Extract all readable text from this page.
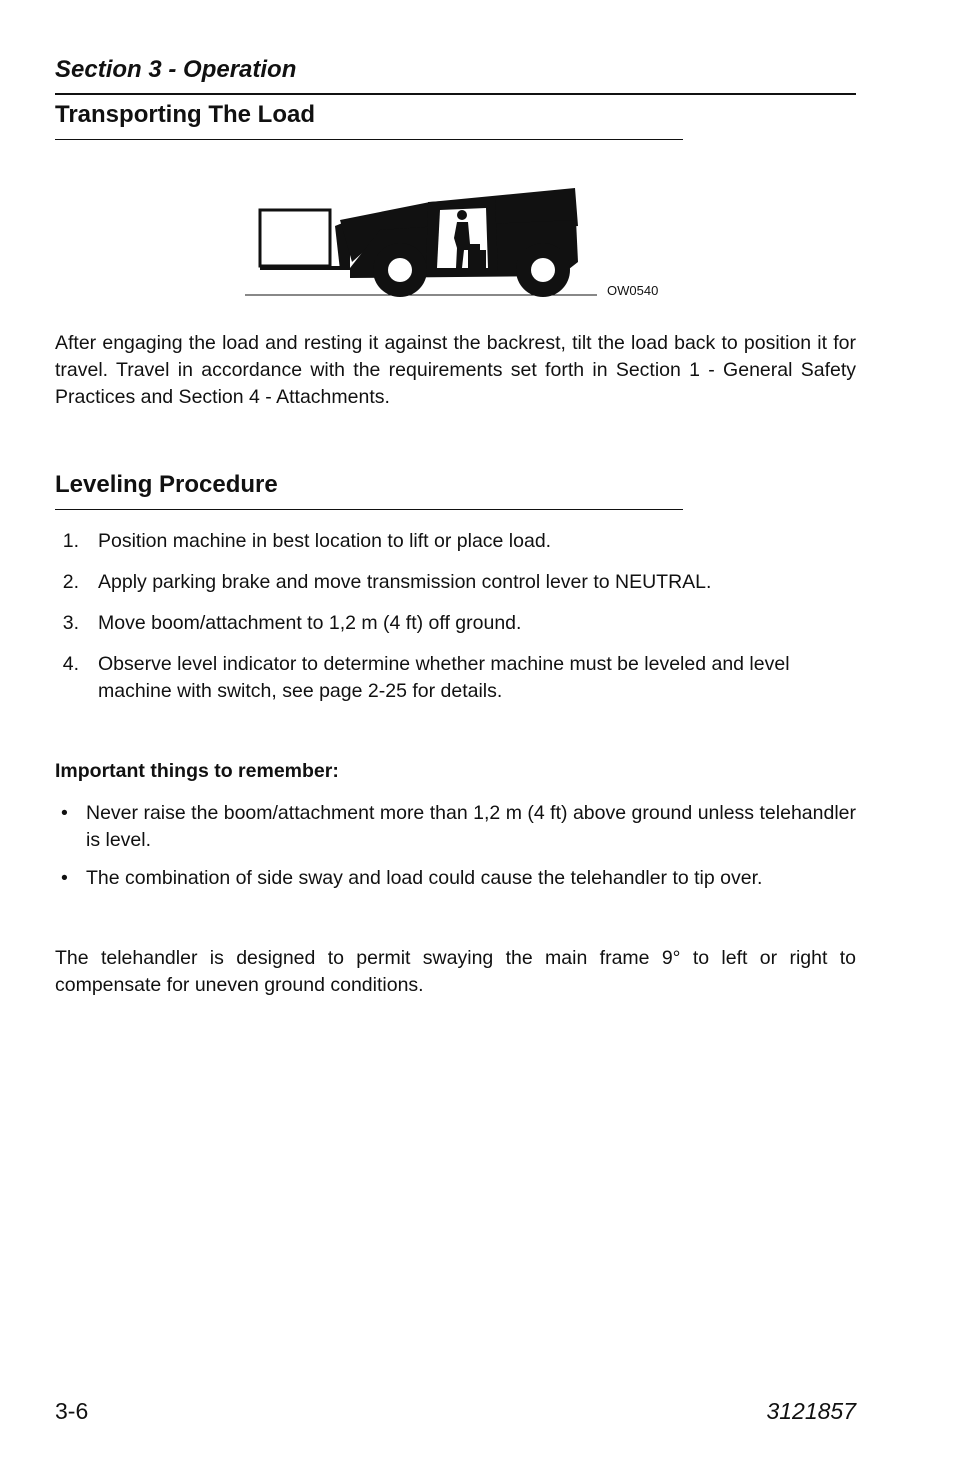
Section 3 - Operation
Transporting The Load
OW0540
After engaging the load and resting it against the backrest, tilt the load back to position it for travel. Travel in accordance with the requirements set forth in Section 1 - General Safety Practices and Section 4 - Attachments.
Leveling Procedure
1. Position machine in best location to lift or place load.
2. Apply parking brake and move transmission control lever to NEUTRAL.
3. Move boom/attachment to 1,2 m (4 ft) off ground.
4. Observe level indicator to determine whether machine must be leveled and level machine with switch, see page 2-25 for details.
Important things to remember:
• Never raise the boom/attachment more than 1,2 m (4 ft) above ground unless telehandler is level.
• The combination of side sway and load could cause the telehandler to tip over.
The telehandler is designed to permit swaying the main frame 9° to left or right to compensate for uneven ground conditions.
3-6	3121857
